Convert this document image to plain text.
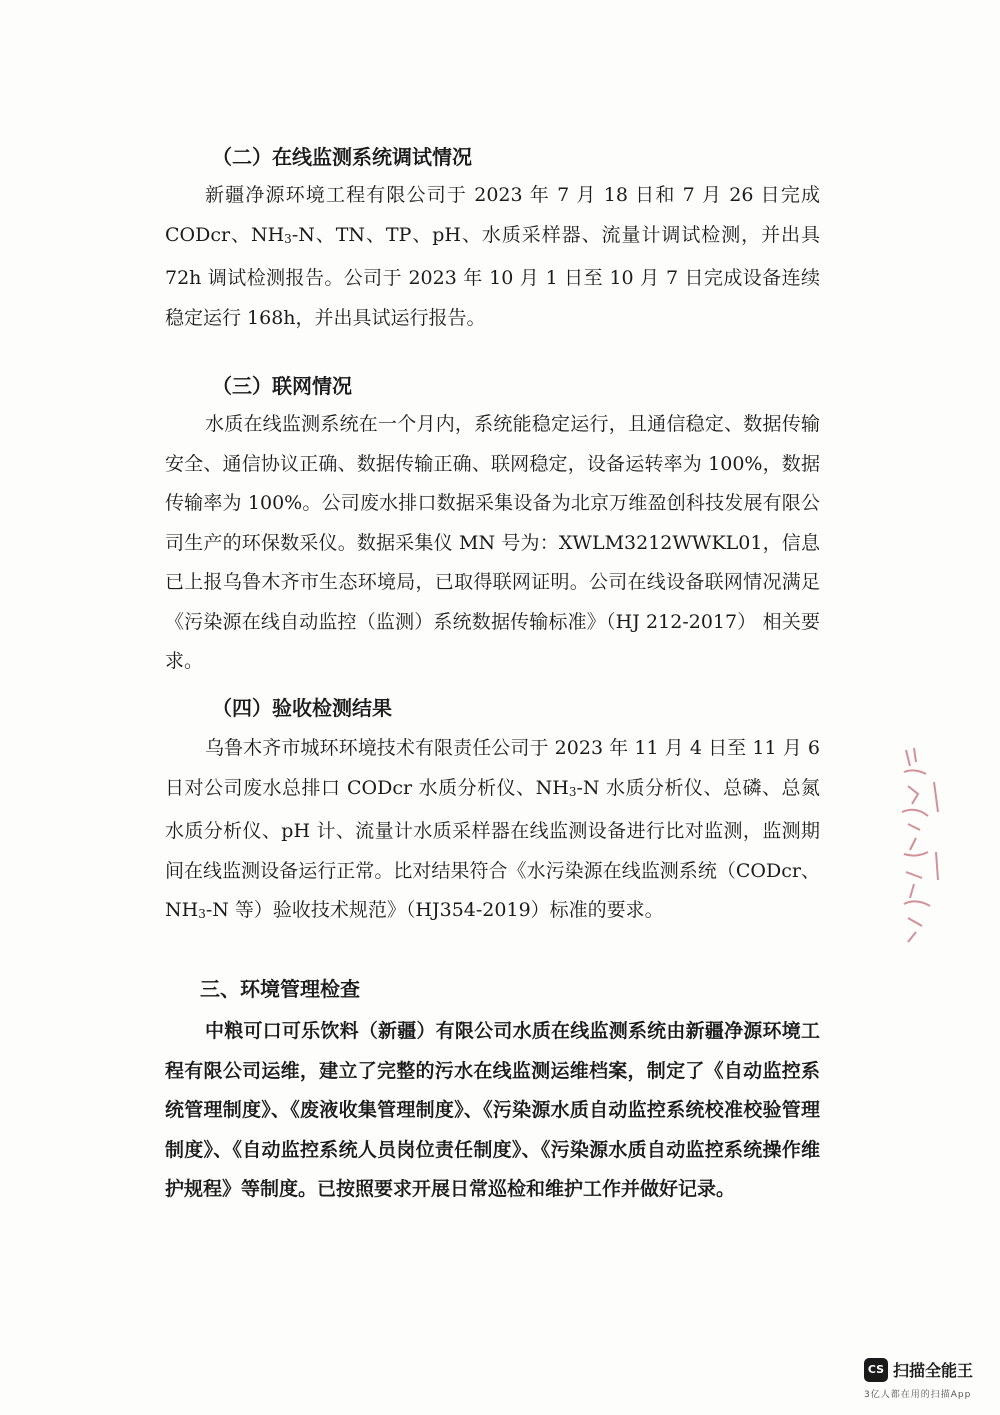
（二）在线监测系统调试情况

新疆净源环境工程有限公司于 2023 年 7 月 18 日和 7 月 26 日完成 CODcr、$NH_3-N$、TN、TP、pH、水质采样器、流量计调试检测，并出具 72h 调试检测报告。公司于 2023 年 10 月 1 日至 10 月 7 日完成设备连续稳定运行 168h，并出具试运行报告。

（三）联网情况

水质在线监测系统在一个月内，系统能稳定运行，且通信稳定、数据传输安全、通信协议正确、数据传输正确、联网稳定，设备运转率为 100%，数据传输率为 100%。公司废水排口数据采集设备为北京万维盈创科技发展有限公司生产的环保数采仪。数据采集仪 MN 号为：XWLM3212WWKL01，信息已上报乌鲁木齐市生态环境局，已取得联网证明。公司在线设备联网情况满足《污染源在线自动监控（监测）系统数据传输标准》（HJ 212-2017） 相关要求。

（四）验收检测结果

乌鲁木齐市城环环境技术有限责任公司于 2023 年 11 月 4 日至 11 月 6 日对公司废水总排口 CODcr 水质分析仪、$NH_3-N$ 水质分析仪、总磷、总氮水质分析仪、pH 计、流量计水质采样器在线监测设备进行比对监测，监测期间在线监测设备运行正常。比对结果符合《水污染源在线监测系统（CODcr、$NH_3-N$ 等）验收技术规范》（HJ354-2019）标准的要求。

三、环境管理检查

中粮可口可乐饮料（新疆）有限公司水质在线监测系统由新疆净源环境工程有限公司运维，建立了完整的污水在线监测运维档案，制定了《自动监控系统管理制度》、《废液收集管理制度》、《污染源水质自动监控系统校准校验管理制度》、《自动监控系统人员岗位责任制度》、《污染源水质自动监控系统操作维护规程》等制度。已按照要求开展日常巡检和维护工作并做好记录。

CS 扫描全能王
3亿人都在用的扫描App
